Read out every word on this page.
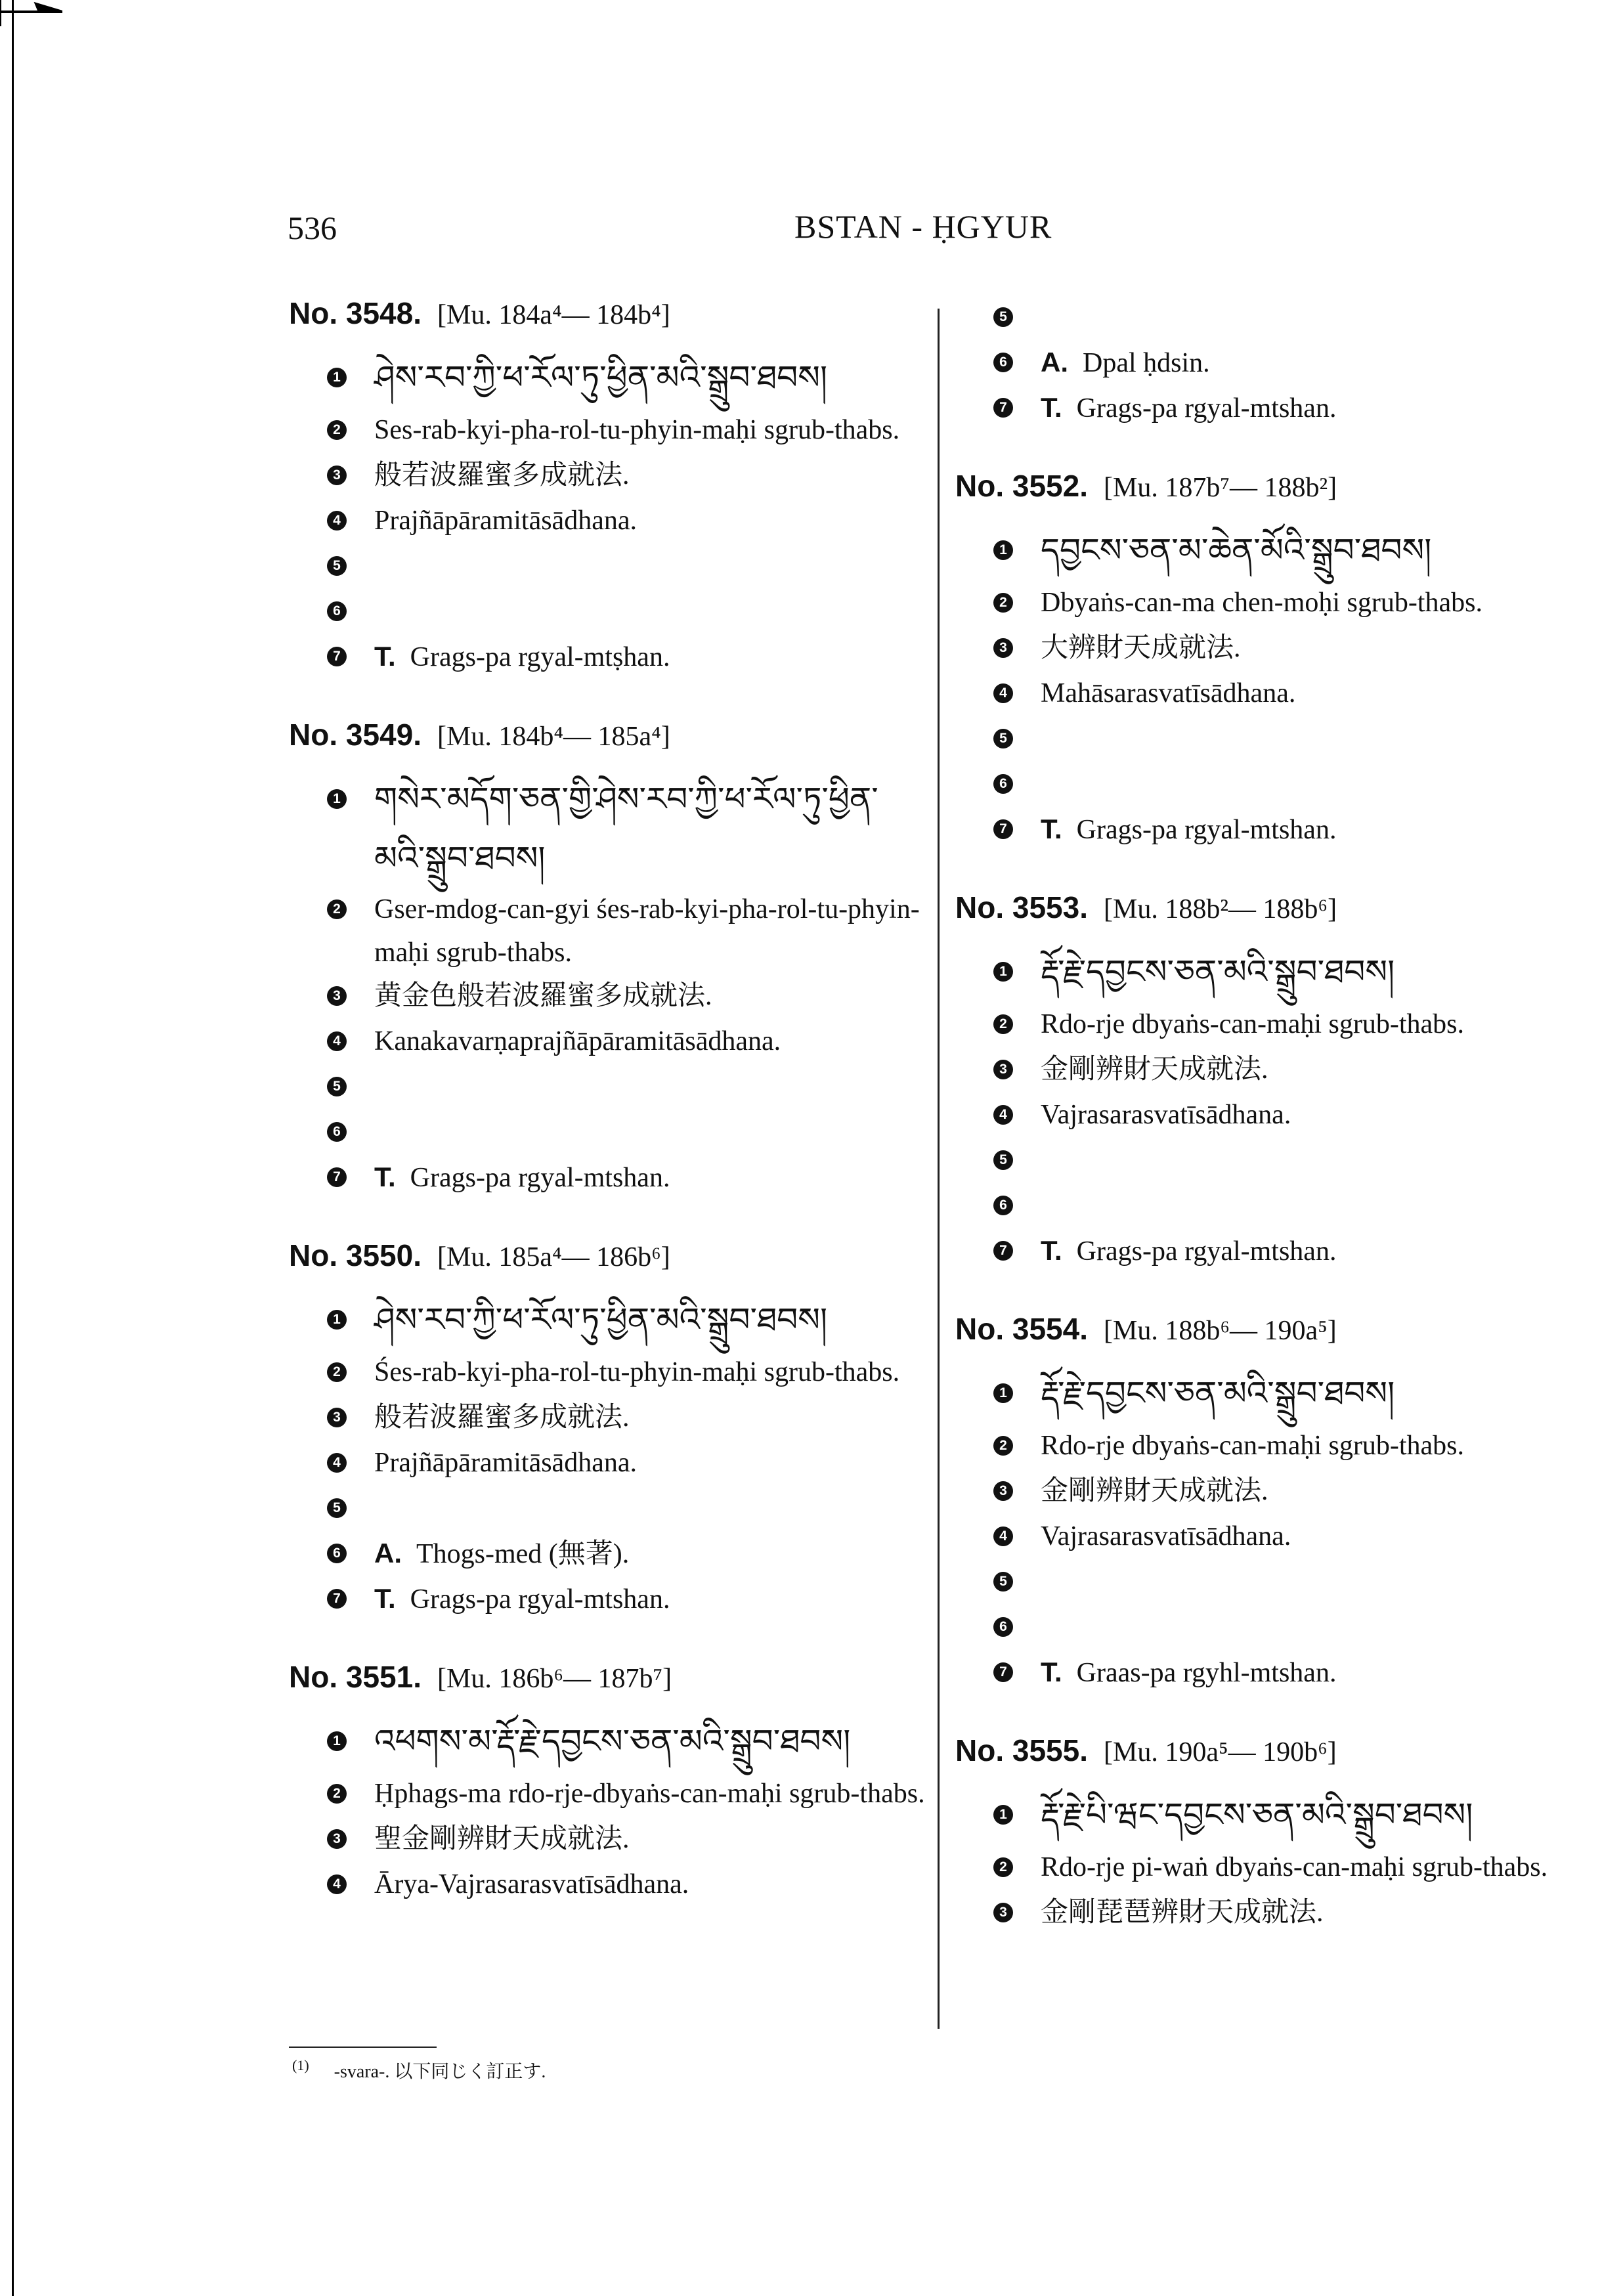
536	BSTAN - ḤGYUR
No. 3548. [Mu. 184a⁴— 184b⁴]
1 ཤེས་རབ་ཀྱི་ཕ་རོལ་ཏུ་ཕྱིན་མའི་སྒྲུབ་ཐབས།
2 Ses-rab-kyi-pha-rol-tu-phyin-maḥi sgrub-thabs.
3 般若波羅蜜多成就法.
4 Prajñāpāramitāsādhana.
5
6
7 T. Grags-pa rgyal-mtṣhan.
No. 3549. [Mu. 184b⁴— 185a⁴]
1 གསེར་མདོག་ཅན་གྱི་ཤེས་རབ་ཀྱི་ཕ་རོལ་ཏུ་ཕྱིན་མའི་སྒྲུབ་ཐབས།
2 Gser-mdog-can-gyi śes-rab-kyi-pha-rol-tu-phyin-maḥi sgrub-thabs.
3 黄金色般若波羅蜜多成就法.
4 Kanakavarṇaprajñāpāramitāsādhana.
5
6
7 T. Grags-pa rgyal-mtshan.
No. 3550. [Mu. 185a⁴— 186b⁶]
1 ཤེས་རབ་ཀྱི་ཕ་རོལ་ཏུ་ཕྱིན་མའི་སྒྲུབ་ཐབས།
2 Śes-rab-kyi-pha-rol-tu-phyin-maḥi sgrub-thabs.
3 般若波羅蜜多成就法.
4 Prajñāpāramitāsādhana.
5
6 A. Thogs-med (無著).
7 T. Grags-pa rgyal-mtshan.
No. 3551. [Mu. 186b⁶— 187b⁷]
1 འཕགས་མ་རྡོ་རྗེ་དབྱངས་ཅན་མའི་སྒྲུབ་ཐབས།
2 Ḥphags-ma rdo-rje-dbyaṅs-can-maḥi sgrub-thabs.
3 聖金剛辨財天成就法.
4 Ārya-Vajrasarasvatīsādhana.
5
6 A. Dpal ḥdsin.
7 T. Grags-pa rgyal-mtshan.
No. 3552. [Mu. 187b⁷— 188b²]
1 དབྱངས་ཅན་མ་ཆེན་མོའི་སྒྲུབ་ཐབས།
2 Dbyaṅs-can-ma chen-moḥi sgrub-thabs.
3 大辨財天成就法.
4 Mahāsarasvatīsādhana.
5
6
7 T. Grags-pa rgyal-mtshan.
No. 3553. [Mu. 188b²— 188b⁶]
1 རྡོ་རྗེ་དབྱངས་ཅན་མའི་སྒྲུབ་ཐབས།
2 Rdo-rje dbyaṅs-can-maḥi sgrub-thabs.
3 金剛辨財天成就法.
4 Vajrasarasvatīsādhana.
5
6
7 T. Grags-pa rgyal-mtshan.
No. 3554. [Mu. 188b⁶— 190a⁵]
1 རྡོ་རྗེ་དབྱངས་ཅན་མའི་སྒྲུབ་ཐབས།
2 Rdo-rje dbyaṅs-can-maḥi sgrub-thabs.
3 金剛辨財天成就法.
4 Vajrasarasvatīsādhana.
5
6
7 T. Graas-pa rgyhl-mtshan.
No. 3555. [Mu. 190a⁵— 190b⁶]
1 རྡོ་རྗེ་པི་ཝང་དབྱངས་ཅན་མའི་སྒྲུབ་ཐབས།
2 Rdo-rje pi-waṅ dbyaṅs-can-maḥi sgrub-thabs.
3 金剛琵琶辨財天成就法.
(1) -svara-. 以下同じく訂正す.
